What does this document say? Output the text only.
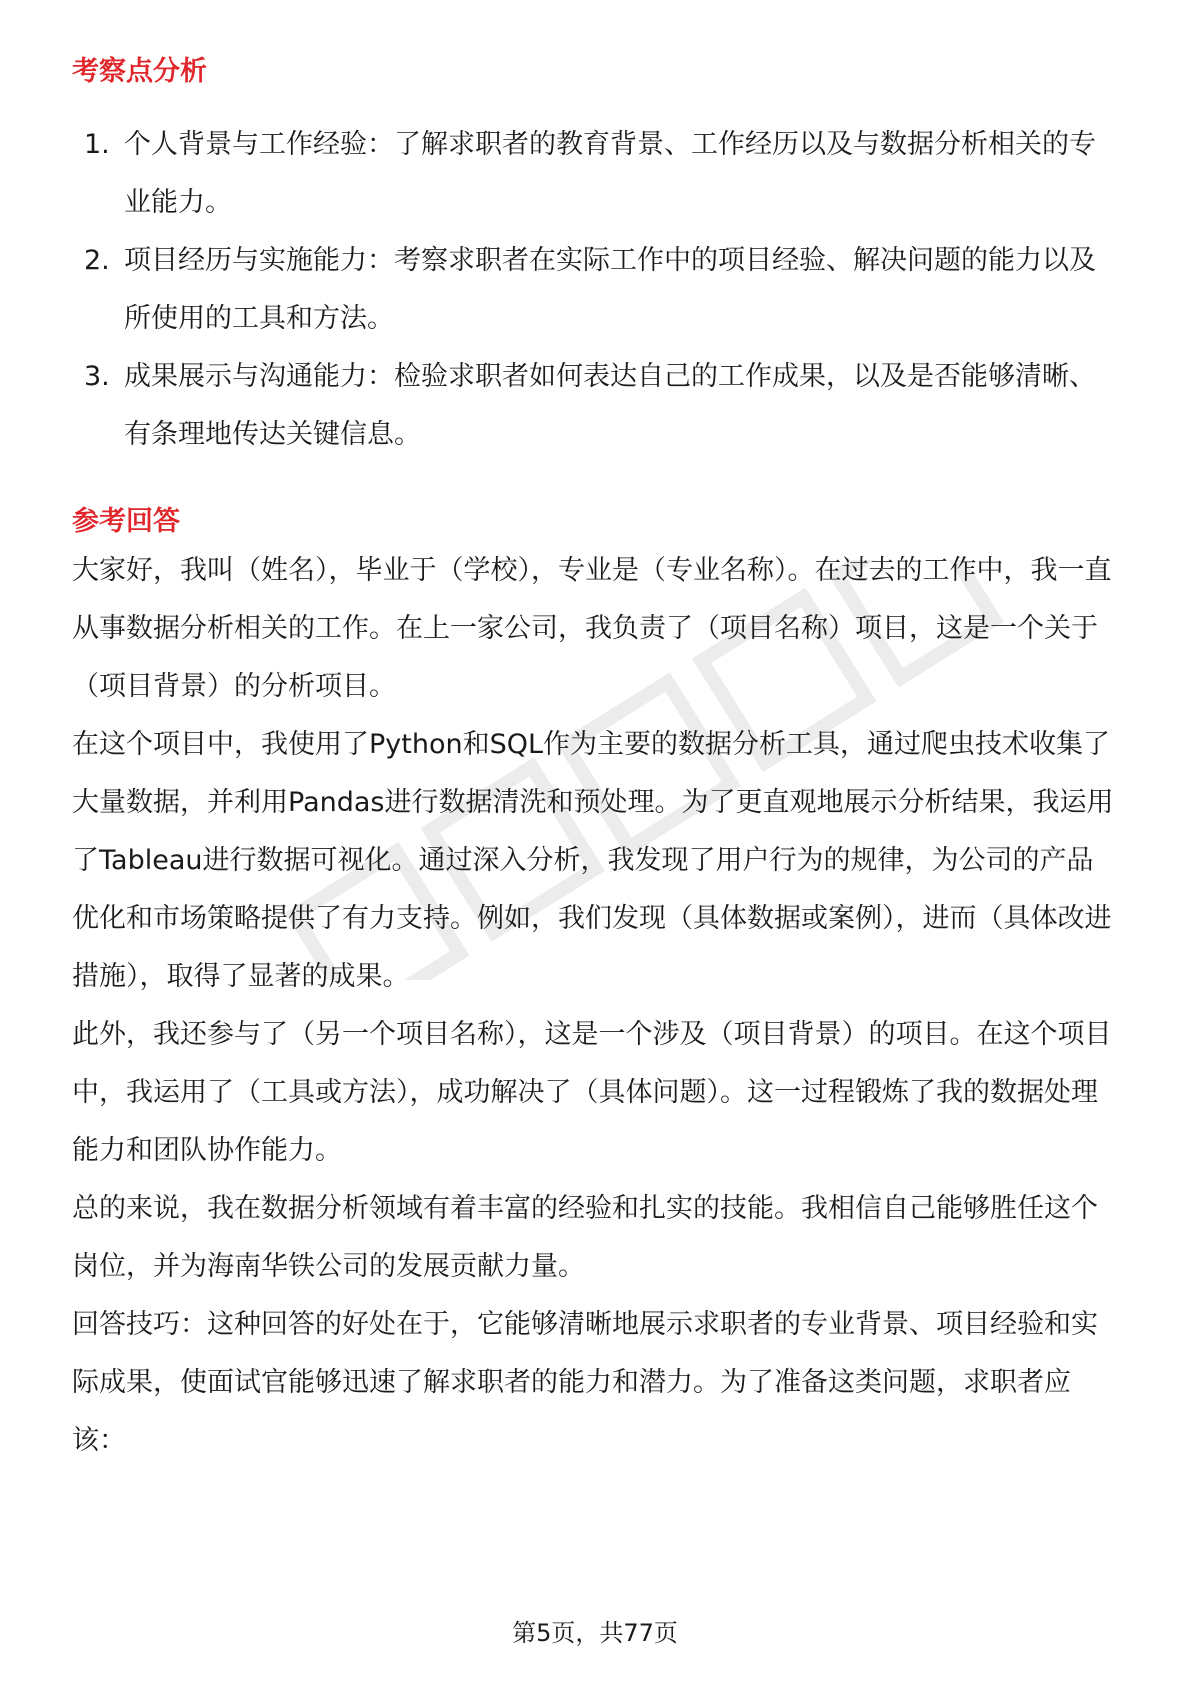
考察点分析
1. 个人背景与工作经验：了解求职者的教育背景、工作经历以及与数据分析相关的专业能力。
2. 项目经历与实施能力：考察求职者在实际工作中的项目经验、解决问题的能力以及所使用的工具和方法。
3. 成果展示与沟通能力：检验求职者如何表达自己的工作成果，以及是否能够清晰、有条理地传达关键信息。
参考回答

大家好，我叫（姓名），毕业于（学校），专业是（专业名称）。在过去的工作中，我一直从事数据分析相关的工作。在上一家公司，我负责了（项目名称）项目，这是一个关于（项目背景）的分析项目。

在这个项目中，我使用了Python和SQL作为主要的数据分析工具，通过爬虫技术收集了大量数据，并利用Pandas进行数据清洗和预处理。为了更直观地展示分析结果，我运用了Tableau进行数据可视化。通过深入分析，我发现了用户行为的规律，为公司的产品优化和市场策略提供了有力支持。例如，我们发现（具体数据或案例），进而（具体改进措施），取得了显著的成果。

此外，我还参与了（另一个项目名称），这是一个涉及（项目背景）的项目。在这个项目中，我运用了（工具或方法），成功解决了（具体问题）。这一过程锻炼了我的数据处理能力和团队协作能力。

总的来说，我在数据分析领域有着丰富的经验和扎实的技能。我相信自己能够胜任这个岗位，并为海南华铁公司的发展贡献力量。

回答技巧：这种回答的好处在于，它能够清晰地展示求职者的专业背景、项目经验和实际成果，使面试官能够迅速了解求职者的能力和潜力。为了准备这类问题，求职者应该：

第5页，共77页
